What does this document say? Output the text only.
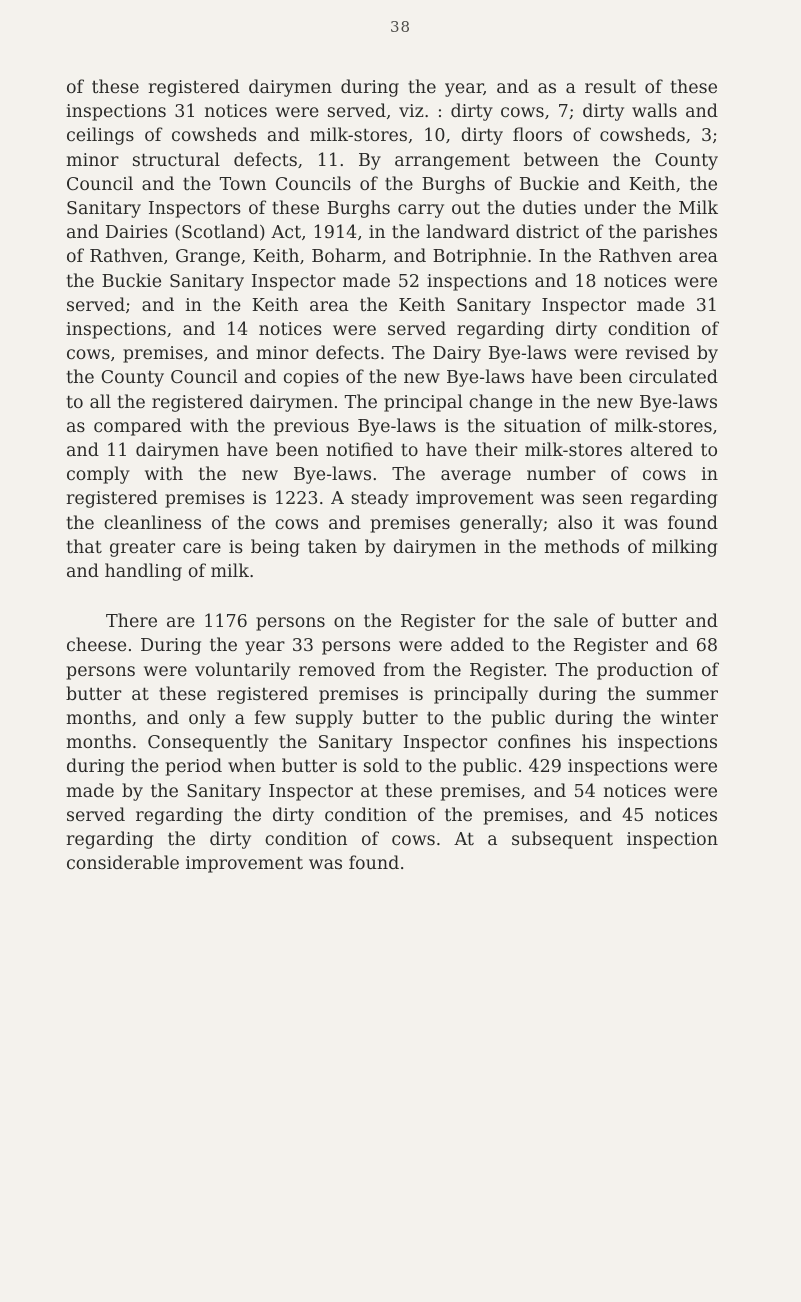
38

of these registered dairymen during the year, and as a result of these inspections 31 notices were served, viz. : dirty cows, 7; dirty walls and ceilings of cowsheds and milk-stores, 10, dirty floors of cowsheds, 3; minor structural defects, 11. By arrangement between the County Council and the Town Councils of the Burghs of Buckie and Keith, the Sanitary Inspectors of these Burghs carry out the duties under the Milk and Dairies (Scotland) Act, 1914, in the landward district of the parishes of Rathven, Grange, Keith, Boharm, and Botriphnie. In the Rathven area the Buckie Sanitary Inspector made 52 inspections and 18 notices were served; and in the Keith area the Keith Sanitary Inspector made 31 inspections, and 14 notices were served regarding dirty condition of cows, premises, and minor defects. The Dairy Bye-laws were revised by the County Council and copies of the new Bye-laws have been circulated to all the registered dairymen. The principal change in the new Bye-laws as compared with the previous Bye-laws is the situation of milk-stores, and 11 dairymen have been notified to have their milk-stores altered to comply with the new Bye-laws. The average number of cows in registered premises is 1223. A steady improvement was seen regarding the cleanliness of the cows and premises generally; also it was found that greater care is being taken by dairymen in the methods of milking and handling of milk.

There are 1176 persons on the Register for the sale of butter and cheese. During the year 33 persons were added to the Register and 68 persons were voluntarily removed from the Register. The production of butter at these registered premises is principally during the summer months, and only a few supply butter to the public during the winter months. Consequently the Sanitary Inspector confines his inspections during the period when butter is sold to the public. 429 inspections were made by the Sanitary Inspector at these premises, and 54 notices were served regarding the dirty condition of the premises, and 45 notices regarding the dirty condition of cows. At a subsequent inspection considerable improvement was found.
